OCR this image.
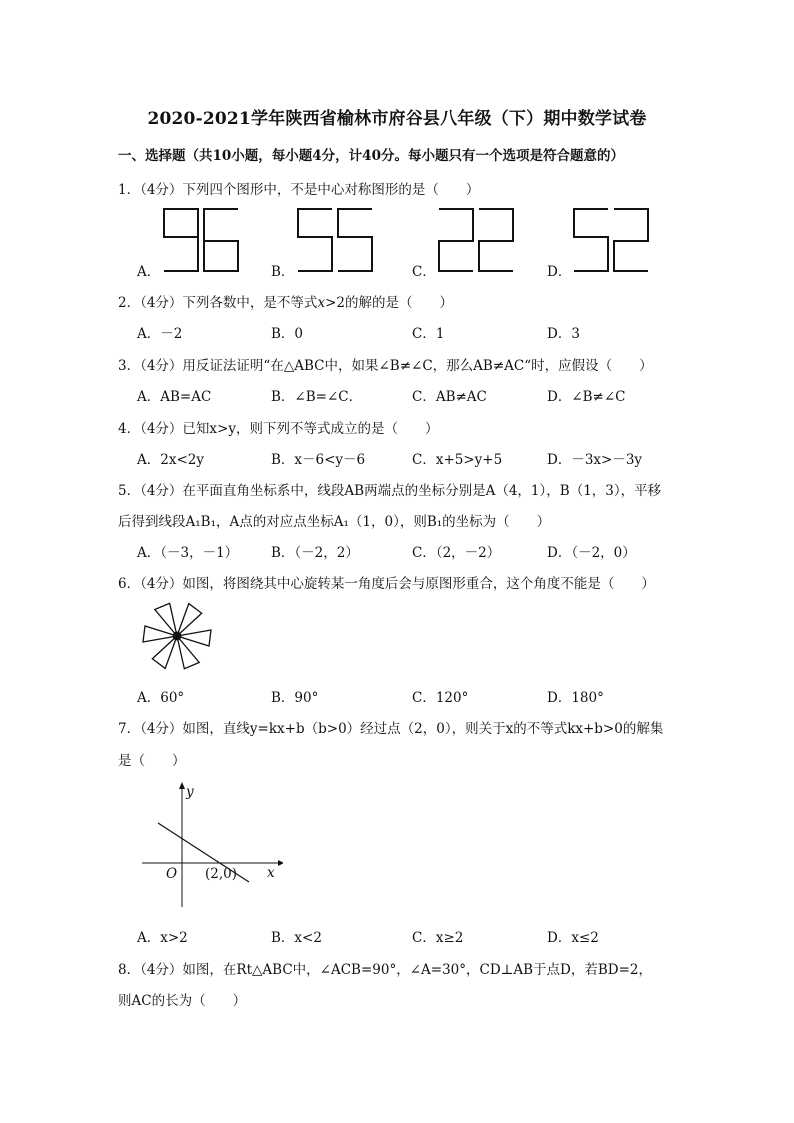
2020-2021学年陕西省榆林市府谷县八年级（下）期中数学试卷
一、选择题（共10小题，每小题4分，计40分。每小题只有一个选项是符合题意的）
1．（4分）下列四个图形中，不是中心对称图形的是（　　）
A．	B．	C．	D．
2．（4分）下列各数中，是不等式x>2的解的是（　　）
A．－2	B．0	C．1	D．3
3．（4分）用反证法证明“在△ABC中，如果∠B≠∠C，那么AB≠AC“时，应假设（　　）
A．AB=AC	B．∠B=∠C．	C．AB≠AC	D．∠B≠∠C
4．（4分）已知x>y，则下列不等式成立的是（　　）
A．2x<2y	B．x－6<y－6	C．x+5>y+5	D．－3x>－3y
5．（4分）在平面直角坐标系中，线段AB两端点的坐标分别是A（4，1），B（1，3），平移
后得到线段A₁B₁，A点的对应点坐标A₁（1，0），则B₁的坐标为（　　）
A．（－3，－1） B．（－2，2）	C．（2，－2）	D．（－2，0）
6．（4分）如图，将图绕其中心旋转某一角度后会与原图形重合，这个角度不能是（　　）
A．60°	B．90°	C．120°	D．180°
7．（4分）如图，直线y=kx+b（b>0）经过点（2，0），则关于x的不等式kx+b>0的解集
是（　　）
y
x
O (2,0)
A．x>2	B．x<2	C．x≥2	D．x≤2
8．（4分）如图，在Rt△ABC中，∠ACB=90°，∠A=30°，CD⊥AB于点D，若BD=2，
则AC的长为（　　）
